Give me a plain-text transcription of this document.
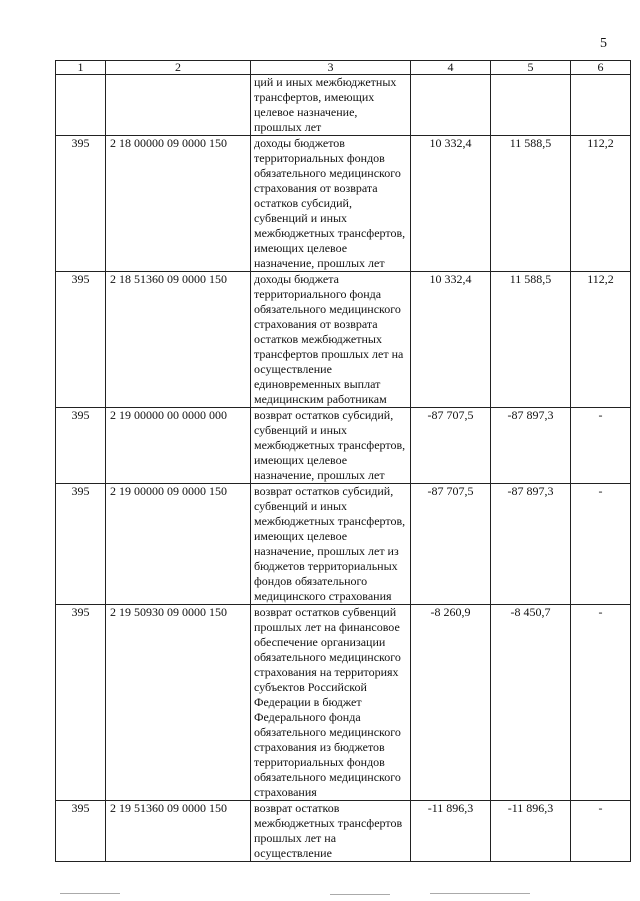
5
1	2	3	4	5	6
		ций и иных межбюджетных трансфертов, имеющих целевое назначение, прошлых лет			
395	2 18 00000 09 0000 150	доходы бюджетов территориальных фондов обязательного медицинского страхования от возврата остатков субсидий, субвенций и иных межбюджетных трансфертов, имеющих целевое назначение, прошлых лет	10 332,4	11 588,5	112,2
395	2 18 51360 09 0000 150	доходы бюджета территориального фонда обязательного медицинского страхования от возврата остатков межбюджетных трансфертов прошлых лет на осуществление единовременных выплат медицинским работникам	10 332,4	11 588,5	112,2
395	2 19 00000 00 0000 000	возврат остатков субсидий, субвенций и иных межбюджетных трансфертов, имеющих целевое назначение, прошлых лет	-87 707,5	-87 897,3	-
395	2 19 00000 09 0000 150	возврат остатков субсидий, субвенций и иных межбюджетных трансфертов, имеющих целевое назначение, прошлых лет из бюджетов территориальных фондов обязательного медицинского страхования	-87 707,5	-87 897,3	-
395	2 19 50930 09 0000 150	возврат остатков субвенций прошлых лет на финансовое обеспечение организации обязательного медицинского страхования на территориях субъектов Российской Федерации в бюджет Федерального фонда обязательного медицинского страхования из бюджетов территориальных фондов обязательного медицинского страхования	-8 260,9	-8 450,7	-
395	2 19 51360 09 0000 150	возврат остатков межбюджетных трансфертов прошлых лет на осуществление	-11 896,3	-11 896,3	-
